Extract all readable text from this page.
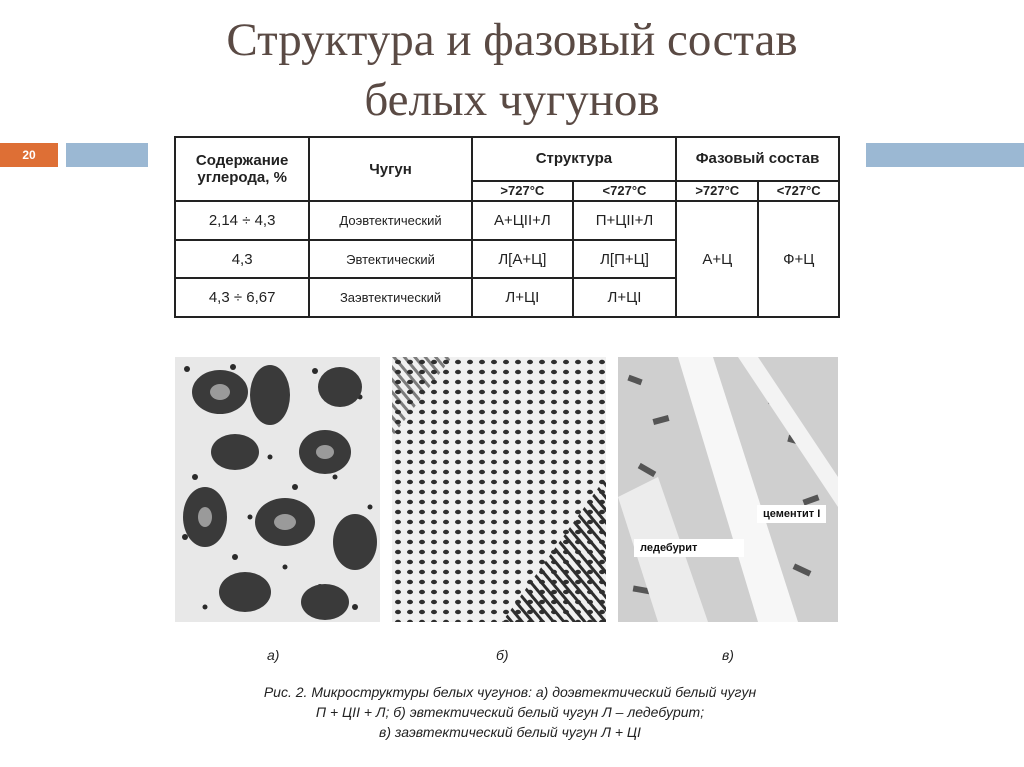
Структура и фазовый состав
белых чугунов
20	Содержание углерода, %	Чугун	Структура		Фазовый состав	
		>727°С	<727°С	>727°С	<727°С
2,14 ÷ 4,3	Доэвтектический	А+ЦII+Л	П+ЦII+Л	А+Ц	Ф+Ц
4,3	Эвтектический	Л[А+Ц]	Л[П+Ц]		
4,3 ÷ 6,67	Заэвтектический	Л+ЦI	Л+ЦI		
цементит I
ледебурит
а)	б)	в)
Рис. 2. Микроструктуры белых чугунов: а) доэвтектический белый чугун
П + ЦII + Л; б) эвтектический белый чугун Л – ледебурит;
в) заэвтектический белый чугун Л + ЦI
